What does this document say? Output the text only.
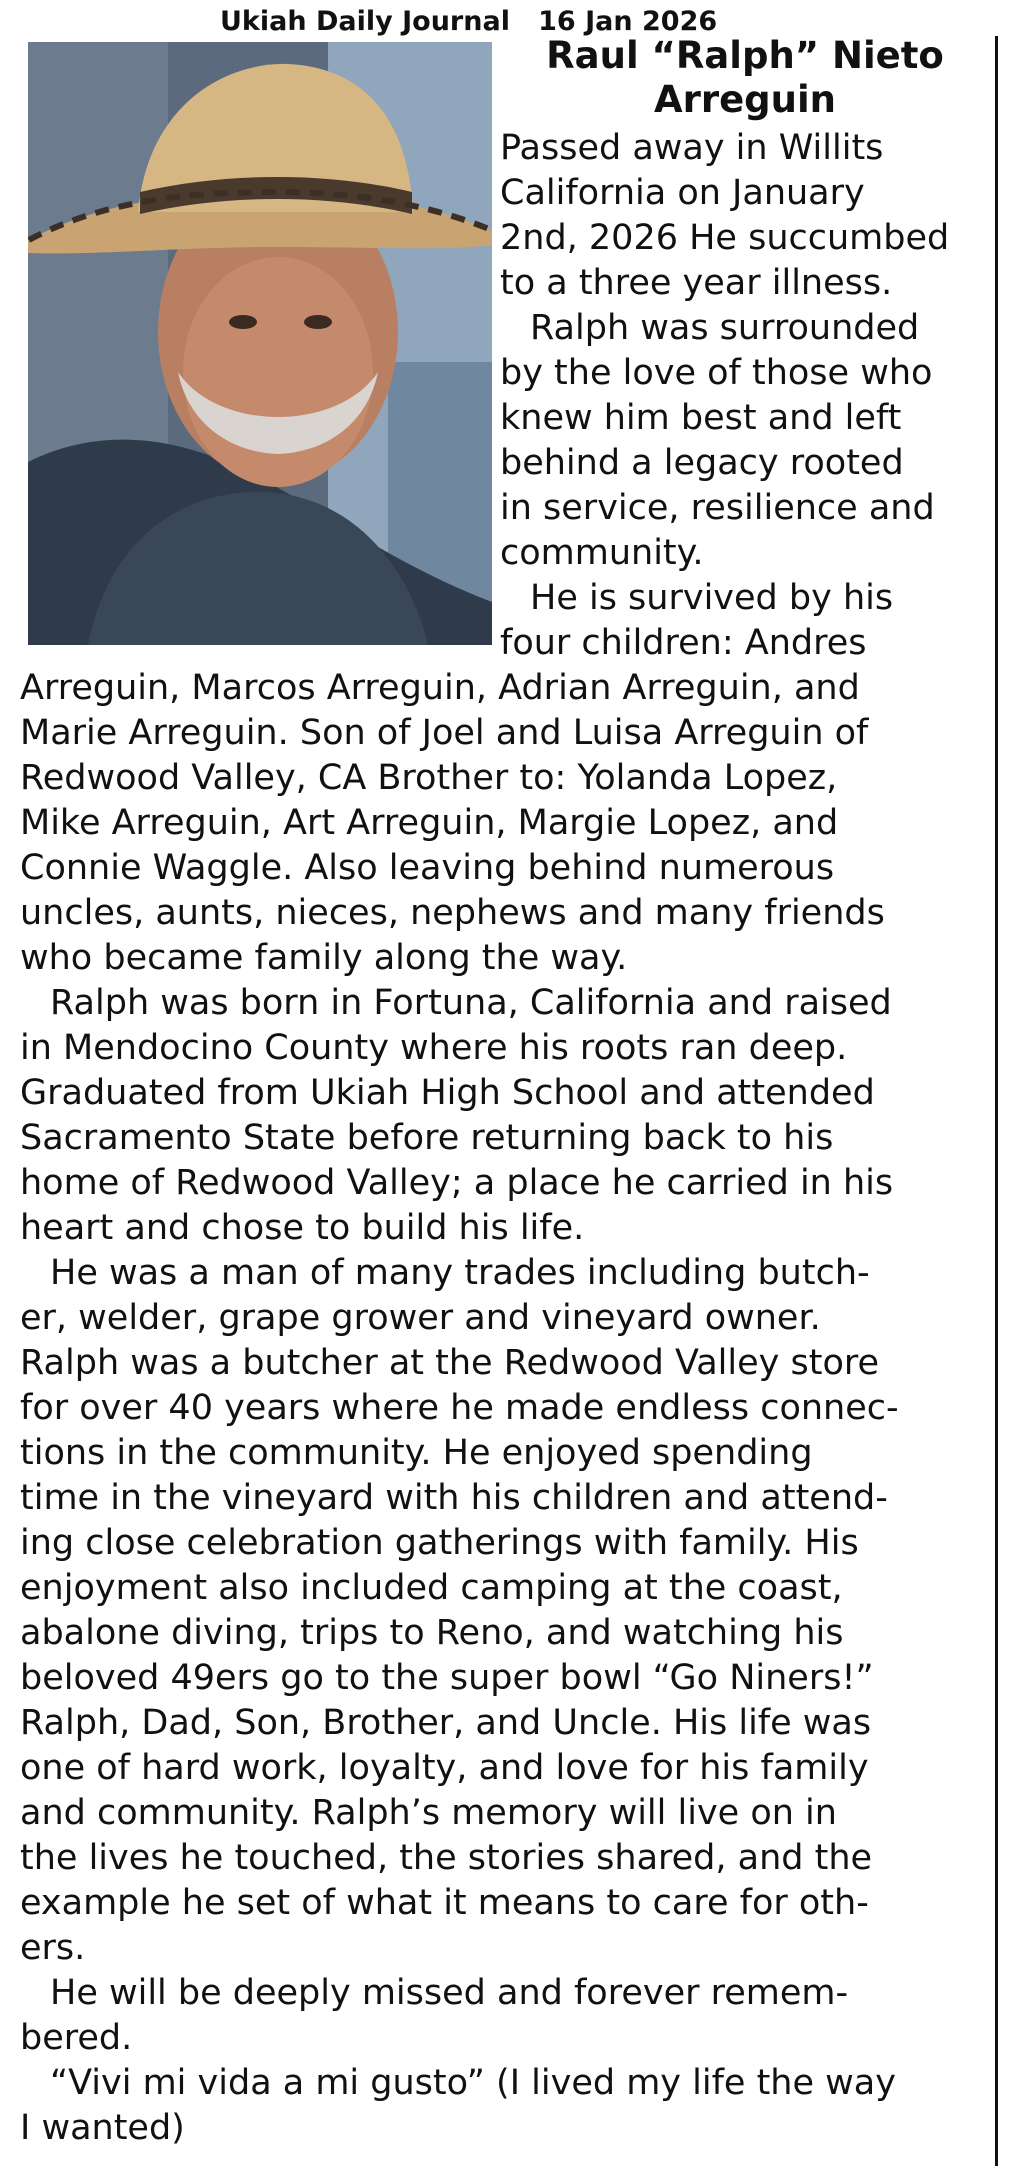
Ukiah Daily Journal   16 Jan 2026
Raul “Ralph” Nieto
Arreguin
Passed away in Willits
California on January
2nd, 2026 He succumbed
to a three year illness.
Ralph was surrounded
by the love of those who
knew him best and left
behind a legacy rooted
in service, resilience and
community.
He is survived by his
four children: Andres
Arreguin, Marcos Arreguin, Adrian Arreguin, and
Marie Arreguin. Son of Joel and Luisa Arreguin of
Redwood Valley, CA Brother to: Yolanda Lopez,
Mike Arreguin, Art Arreguin, Margie Lopez, and
Connie Waggle. Also leaving behind numerous
uncles, aunts, nieces, nephews and many friends
who became family along the way.
Ralph was born in Fortuna, California and raised
in Mendocino County where his roots ran deep.
Graduated from Ukiah High School and attended
Sacramento State before returning back to his
home of Redwood Valley; a place he carried in his
heart and chose to build his life.
He was a man of many trades including butch-
er, welder, grape grower and vineyard owner.
Ralph was a butcher at the Redwood Valley store
for over 40 years where he made endless connec-
tions in the community. He enjoyed spending
time in the vineyard with his children and attend-
ing close celebration gatherings with family. His
enjoyment also included camping at the coast,
abalone diving, trips to Reno, and watching his
beloved 49ers go to the super bowl “Go Niners!”
Ralph, Dad, Son, Brother, and Uncle. His life was
one of hard work, loyalty, and love for his family
and community. Ralph’s memory will live on in
the lives he touched, the stories shared, and the
example he set of what it means to care for oth-
ers.
He will be deeply missed and forever remem-
bered.
“Vivi mi vida a mi gusto” (I lived my life the way
I wanted)
